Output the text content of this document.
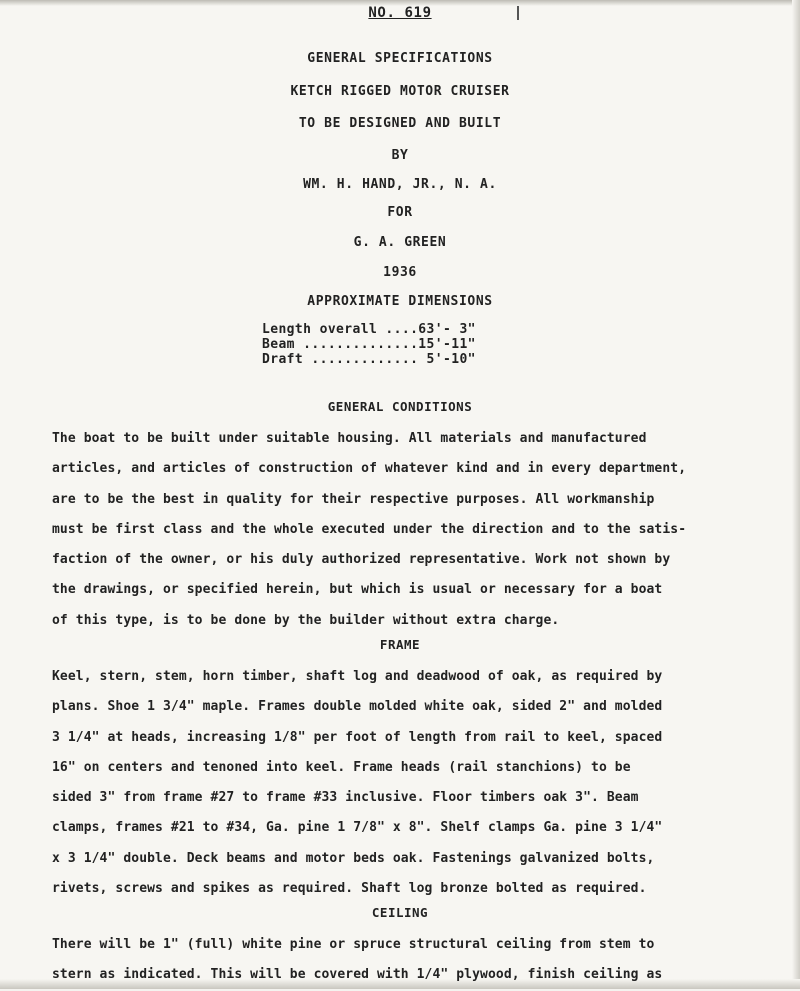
NO. 619
GENERAL SPECIFICATIONS
KETCH RIGGED MOTOR CRUISER
TO BE DESIGNED AND BUILT
BY
WM. H. HAND, JR., N. A.
FOR
G. A. GREEN
1936
APPROXIMATE DIMENSIONS
Length overall ....63'- 3"
Beam ..............15'-11"
Draft ............. 5'-10"
GENERAL CONDITIONS
The boat to be built under suitable housing. All materials and manufactured
articles, and articles of construction of whatever kind and in every department,
are to be the best in quality for their respective purposes. All workmanship
must be first class and the whole executed under the direction and to the satis-
faction of the owner, or his duly authorized representative. Work not shown by
the drawings, or specified herein, but which is usual or necessary for a boat
of this type, is to be done by the builder without extra charge.
FRAME
Keel, stern, stem, horn timber, shaft log and deadwood of oak, as required by
plans. Shoe 1 3/4" maple. Frames double molded white oak, sided 2" and molded
3 1/4" at heads, increasing 1/8" per foot of length from rail to keel, spaced
16" on centers and tenoned into keel. Frame heads (rail stanchions) to be
sided 3" from frame #27 to frame #33 inclusive. Floor timbers oak 3". Beam
clamps, frames #21 to #34, Ga. pine 1 7/8" x 8". Shelf clamps Ga. pine 3 1/4"
x 3 1/4" double. Deck beams and motor beds oak. Fastenings galvanized bolts,
rivets, screws and spikes as required. Shaft log bronze bolted as required.
CEILING
There will be 1" (full) white pine or spruce structural ceiling from stem to
stern as indicated. This will be covered with 1/4" plywood, finish ceiling as
